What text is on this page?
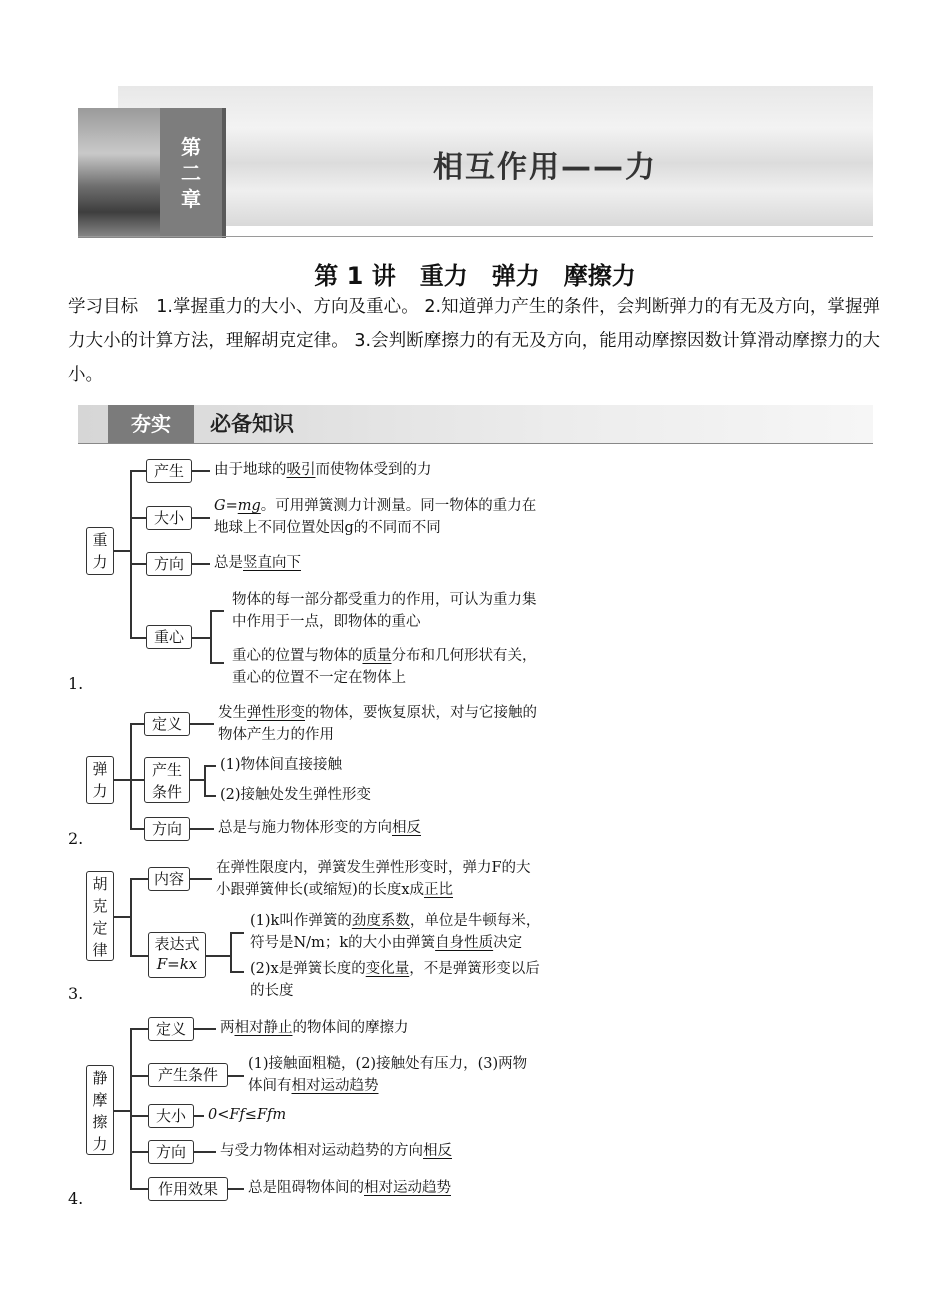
第
二
章
相互作用——力
第 1 讲　重力　弹力　摩擦力
学习目标 1.掌握重力的大小、方向及重心。 2.知道弹力产生的条件，会判断弹力的有无及方向，掌握弹力大小的计算方法，理解胡克定律。 3.会判断摩擦力的有无及方向，能用动摩擦因数计算滑动摩擦力的大小。
夯实	必备知识
重力
产生	由于地球的吸引而使物体受到的力
大小
G=mg。可用弹簧测力计测量。同一物体的重力在
地球上不同位置处因g的不同而不同
方向	总是竖直向下
重心
物体的每一部分都受重力的作用，可认为重力集
中作用于一点，即物体的重心
重心的位置与物体的质量分布和几何形状有关，
重心的位置不一定在物体上
1.
弹力
定义
发生弹性形变的物体，要恢复原状，对与它接触的
物体产生力的作用
产生条件
(1)物体间直接接触
(2)接触处发生弹性形变
方向	总是与施力物体形变的方向相反
2.
胡克定律
内容
在弹性限度内，弹簧发生弹性形变时，弹力F的大
小跟弹簧伸长(或缩短)的长度x成正比
表达式
F=kx
(1)k叫作弹簧的劲度系数，单位是牛顿每米，
符号是N/m；k的大小由弹簧自身性质决定
(2)x是弹簧长度的变化量，不是弹簧形变以后
的长度
3.
静摩擦力
定义	两相对静止的物体间的摩擦力
产生条件
(1)接触面粗糙，(2)接触处有压力，(3)两物
体间有相对运动趋势
大小	0<Ff≤Ffm
方向	与受力物体相对运动趋势的方向相反
作用效果	总是阻碍物体间的相对运动趋势
4.
